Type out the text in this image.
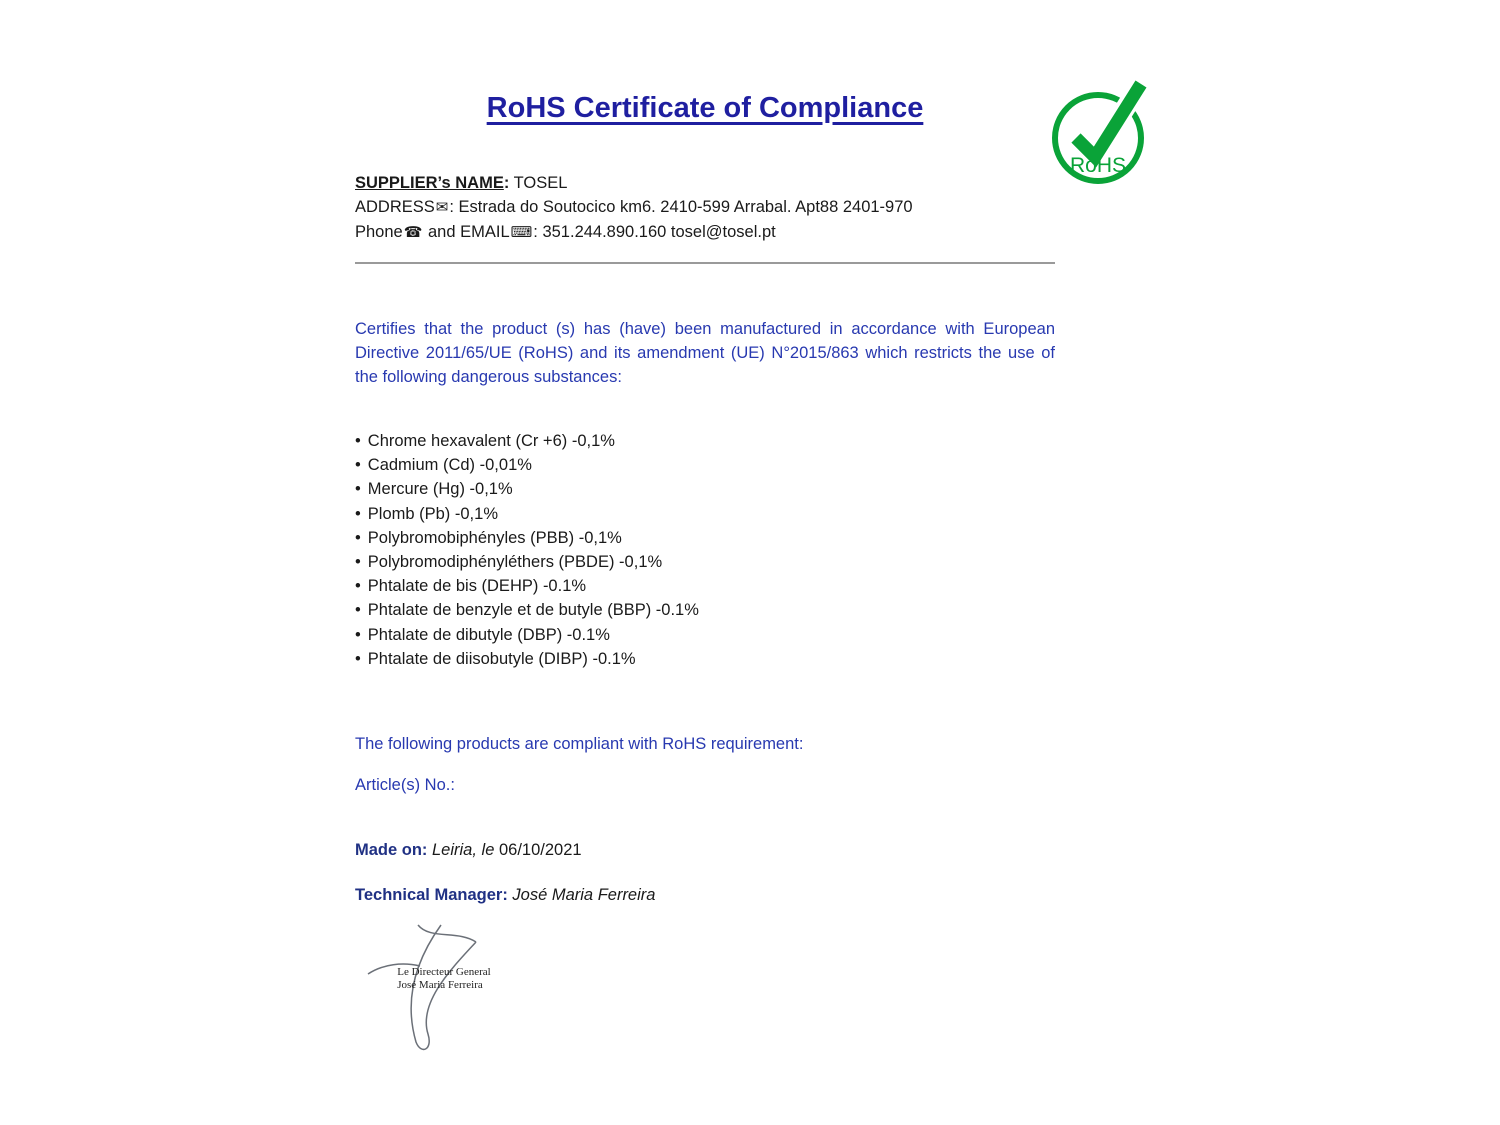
RoHS Certificate of Compliance

SUPPLIER’s NAME: TOSEL

ADDRESS✉: Estrada do Soutocico km6. 2410-599 Arrabal. Apt88 2401-970

Phone☎ and EMAIL⌨: 351.244.890.160 tosel@tosel.pt

Certifies that the product (s) has (have) been manufactured in accordance with European Directive 2011/65/UE (RoHS) and its amendment (UE) N°2015/863 which restricts the use of the following dangerous substances:

• Chrome hexavalent (Cr +6) -0,1%
• Cadmium (Cd) -0,01%
• Mercure (Hg) -0,1%
• Plomb (Pb) -0,1%
• Polybromobiphényles (PBB) -0,1%
• Polybromodiphényléthers (PBDE) -0,1%
• Phtalate de bis (DEHP) -0.1%
• Phtalate de benzyle et de butyle (BBP) -0.1%
• Phtalate de dibutyle (DBP) -0.1%
• Phtalate de diisobutyle (DIBP) -0.1%

The following products are compliant with RoHS requirement:

Article(s) No.:

Made on: Leiria, le 06/10/2021

Technical Manager: José Maria Ferreira

RoHS
Le Directeur General
José Maria Ferreira
